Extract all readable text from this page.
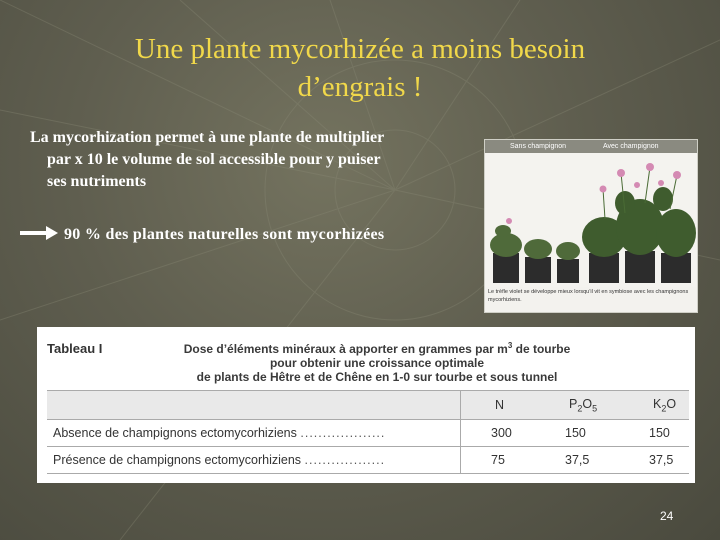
Une plante mycorhizée a moins besoin
d’engrais !
La mycorhization permet à une plante de multiplier
par x 10 le volume de sol accessible pour y puiser
ses nutriments
90 % des plantes naturelles sont mycorhizées
Sans champignon	Avec champignon
Le trèfle violet se développe mieux lorsqu’il vit en symbiose avec les champignons mycorhiziens.
Tableau I	Dose d’éléments minéraux à apporter en grammes par $m^3$ de tourbe
pour obtenir une croissance optimale
de plants de Hêtre et de Chêne en 1-0 sur tourbe et sous tunnel
	N	$P_2O_5$	$K_2O$
Absence de champignons ectomycorhiziens ...................	300	150	150
Présence de champignons ectomycorhiziens ..................	75	37,5	37,5
24
